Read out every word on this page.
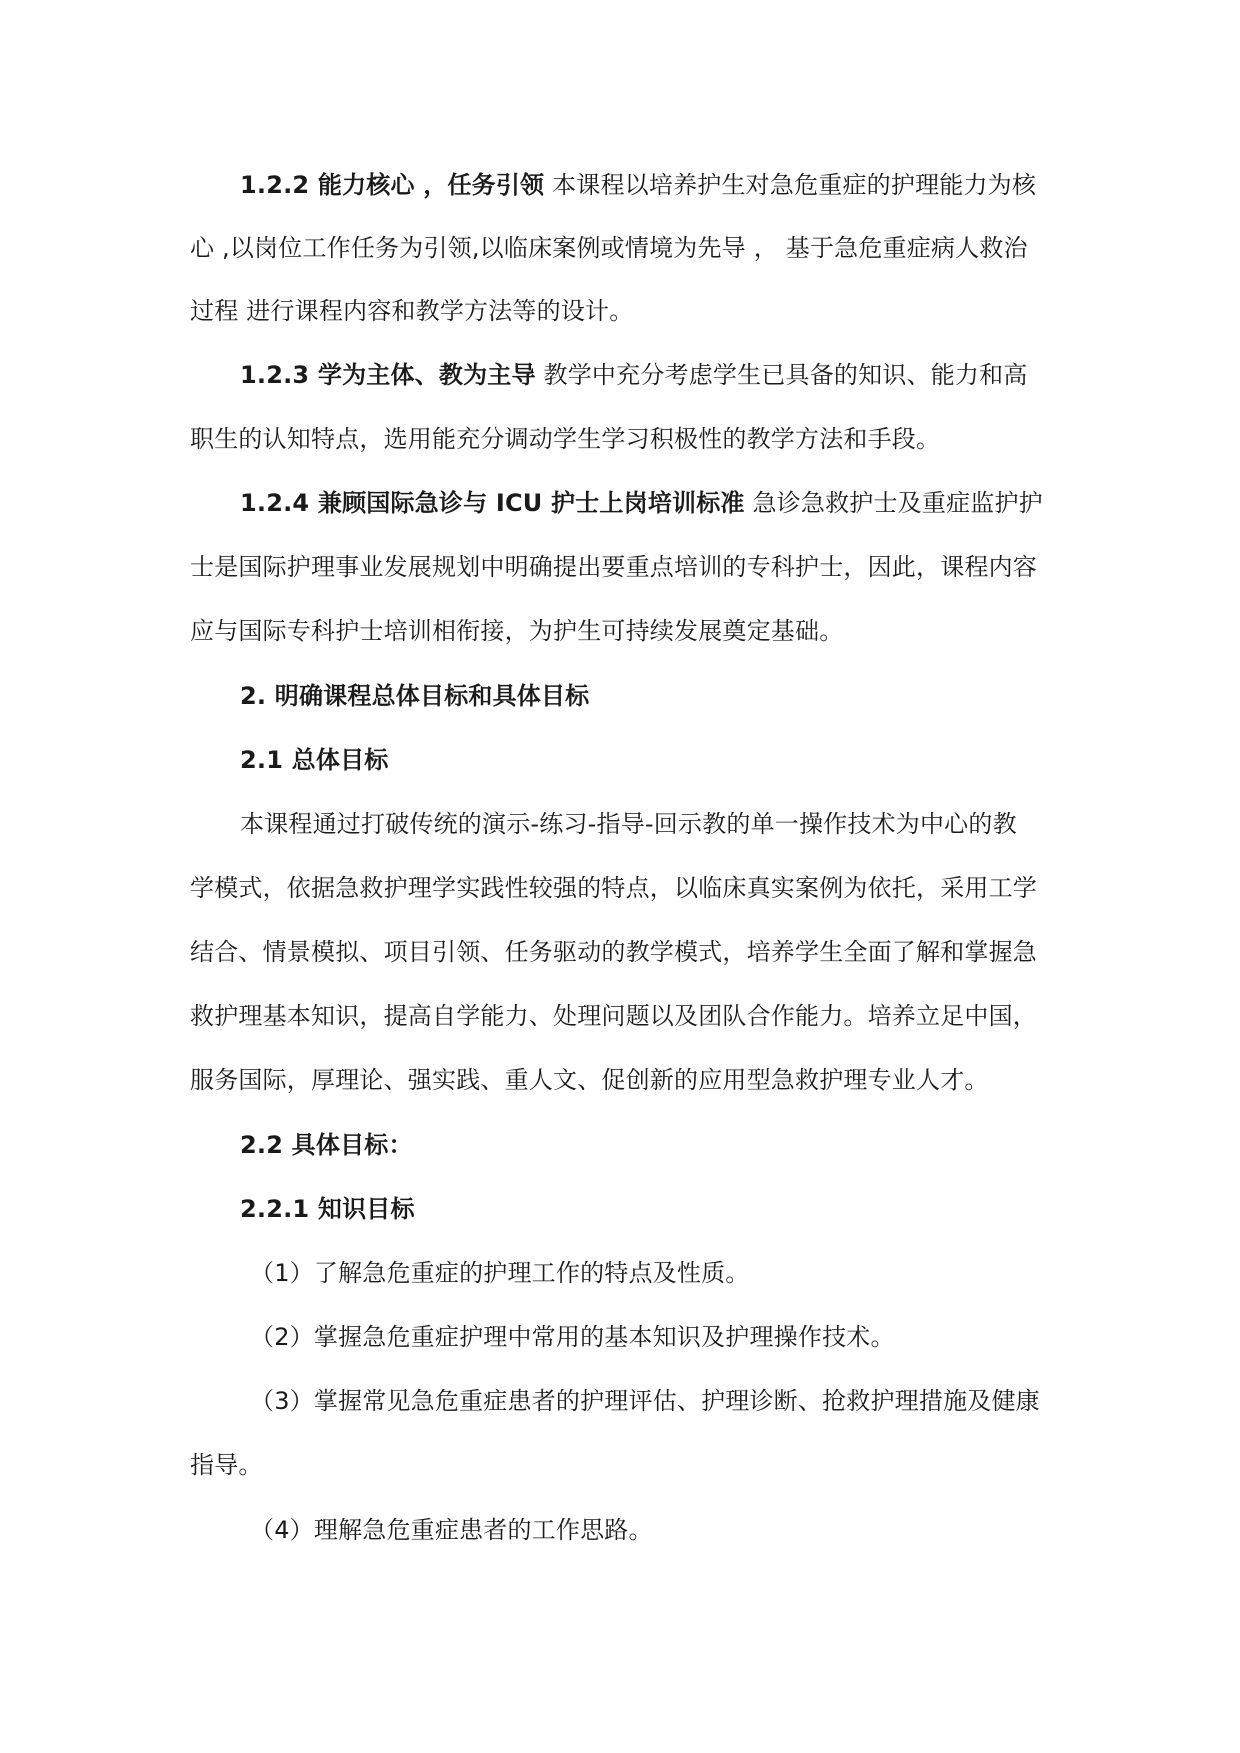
1.2.2 能力核心 ，任务引领 本课程以培养护生对急危重症的护理能力为核
心 ,以岗位工作任务为引领,以临床案例或情境为先导 ， 基于急危重症病人救治
过程 进行课程内容和教学方法等的设计。
1.2.3 学为主体、教为主导 教学中充分考虑学生已具备的知识、能力和高
职生的认知特点，选用能充分调动学生学习积极性的教学方法和手段。
1.2.4 兼顾国际急诊与 ICU 护士上岗培训标准 急诊急救护士及重症监护护
士是国际护理事业发展规划中明确提出要重点培训的专科护士，因此，课程内容
应与国际专科护士培训相衔接，为护生可持续发展奠定基础。
2. 明确课程总体目标和具体目标
2.1 总体目标
本课程通过打破传统的演示-练习-指导-回示教的单一操作技术为中心的教
学模式，依据急救护理学实践性较强的特点，以临床真实案例为依托，采用工学
结合、情景模拟、项目引领、任务驱动的教学模式，培养学生全面了解和掌握急
救护理基本知识，提高自学能力、处理问题以及团队合作能力。培养立足中国，
服务国际，厚理论、强实践、重人文、促创新的应用型急救护理专业人才。
2.2 具体目标：
2.2.1 知识目标
（1）了解急危重症的护理工作的特点及性质。
（2）掌握急危重症护理中常用的基本知识及护理操作技术。
（3）掌握常见急危重症患者的护理评估、护理诊断、抢救护理措施及健康
指导。
（4）理解急危重症患者的工作思路。
